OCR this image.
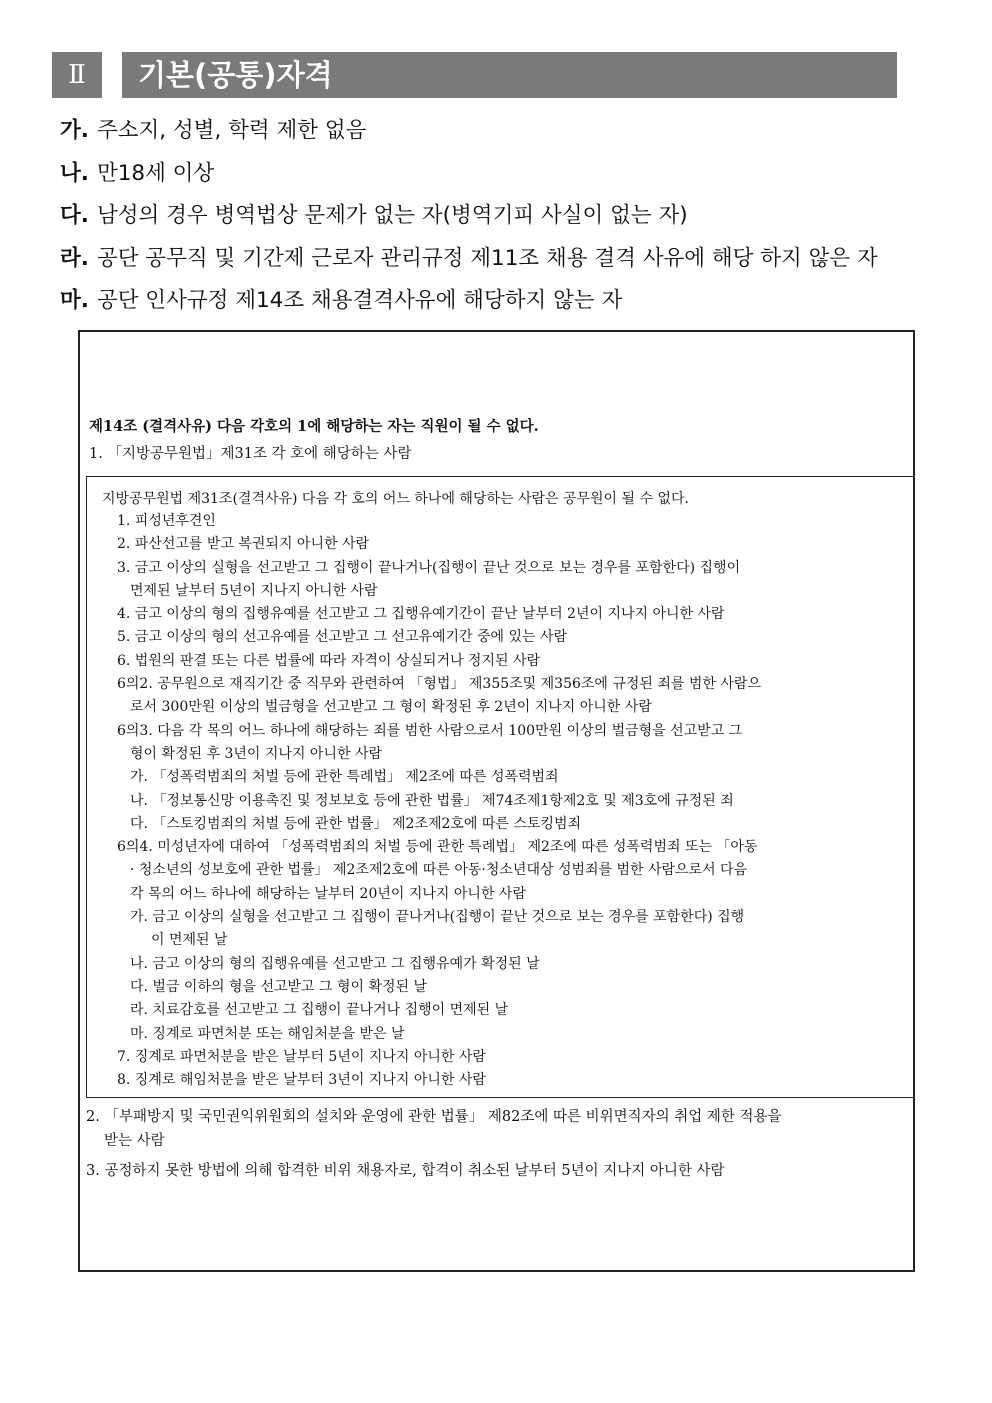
Ⅱ	기본(공통)자격
가. 주소지, 성별, 학력 제한 없음
나. 만18세 이상
다. 남성의 경우 병역법상 문제가 없는 자(병역기피 사실이 없는 자)
라. 공단 공무직 및 기간제 근로자 관리규정 제11조 채용 결격 사유에 해당 하지 않은 자
마. 공단 인사규정 제14조 채용결격사유에 해당하지 않는 자
제14조 (결격사유) 다음 각호의 1에 해당하는 자는 직원이 될 수 없다.
1. 「지방공무원법」제31조 각 호에 해당하는 사람
지방공무원법 제31조(결격사유) 다음 각 호의 어느 하나에 해당하는 사람은 공무원이 될 수 없다.
1. 피성년후견인
2. 파산선고를 받고 복권되지 아니한 사람
3. 금고 이상의 실형을 선고받고 그 집행이 끝나거나(집행이 끝난 것으로 보는 경우를 포함한다) 집행이
면제된 날부터 5년이 지나지 아니한 사람
4. 금고 이상의 형의 집행유예를 선고받고 그 집행유예기간이 끝난 날부터 2년이 지나지 아니한 사람
5. 금고 이상의 형의 선고유예를 선고받고 그 선고유예기간 중에 있는 사람
6. 법원의 판결 또는 다른 법률에 따라 자격이 상실되거나 정지된 사람
6의2. 공무원으로 재직기간 중 직무와 관련하여 「형법」 제355조및 제356조에 규정된 죄를 범한 사람으
로서 300만원 이상의 벌금형을 선고받고 그 형이 확정된 후 2년이 지나지 아니한 사람
6의3. 다음 각 목의 어느 하나에 해당하는 죄를 범한 사람으로서 100만원 이상의 벌금형을 선고받고 그
형이 확정된 후 3년이 지나지 아니한 사람
가. 「성폭력범죄의 처벌 등에 관한 특례법」 제2조에 따른 성폭력범죄
나. 「정보통신망 이용촉진 및 정보보호 등에 관한 법률」 제74조제1항제2호 및 제3호에 규정된 죄
다. 「스토킹범죄의 처벌 등에 관한 법률」 제2조제2호에 따른 스토킹범죄
6의4. 미성년자에 대하여 「성폭력범죄의 처벌 등에 관한 특례법」 제2조에 따른 성폭력범죄 또는 「아동
· 청소년의 성보호에 관한 법률」 제2조제2호에 따른 아동·청소년대상 성범죄를 범한 사람으로서 다음
각 목의 어느 하나에 해당하는 날부터 20년이 지나지 아니한 사람
가. 금고 이상의 실형을 선고받고 그 집행이 끝나거나(집행이 끝난 것으로 보는 경우를 포함한다) 집행
이 면제된 날
나. 금고 이상의 형의 집행유예를 선고받고 그 집행유예가 확정된 날
다. 벌금 이하의 형을 선고받고 그 형이 확정된 날
라. 치료감호를 선고받고 그 집행이 끝나거나 집행이 면제된 날
마. 징계로 파면처분 또는 해임처분을 받은 날
7. 징계로 파면처분을 받은 날부터 5년이 지나지 아니한 사람
8. 징계로 해임처분을 받은 날부터 3년이 지나지 아니한 사람
2. 「부패방지 및 국민권익위원회의 설치와 운영에 관한 법률」 제82조에 따른 비위면직자의 취업 제한 적용을
받는 사람
3. 공정하지 못한 방법에 의해 합격한 비위 채용자로, 합격이 취소된 날부터 5년이 지나지 아니한 사람
